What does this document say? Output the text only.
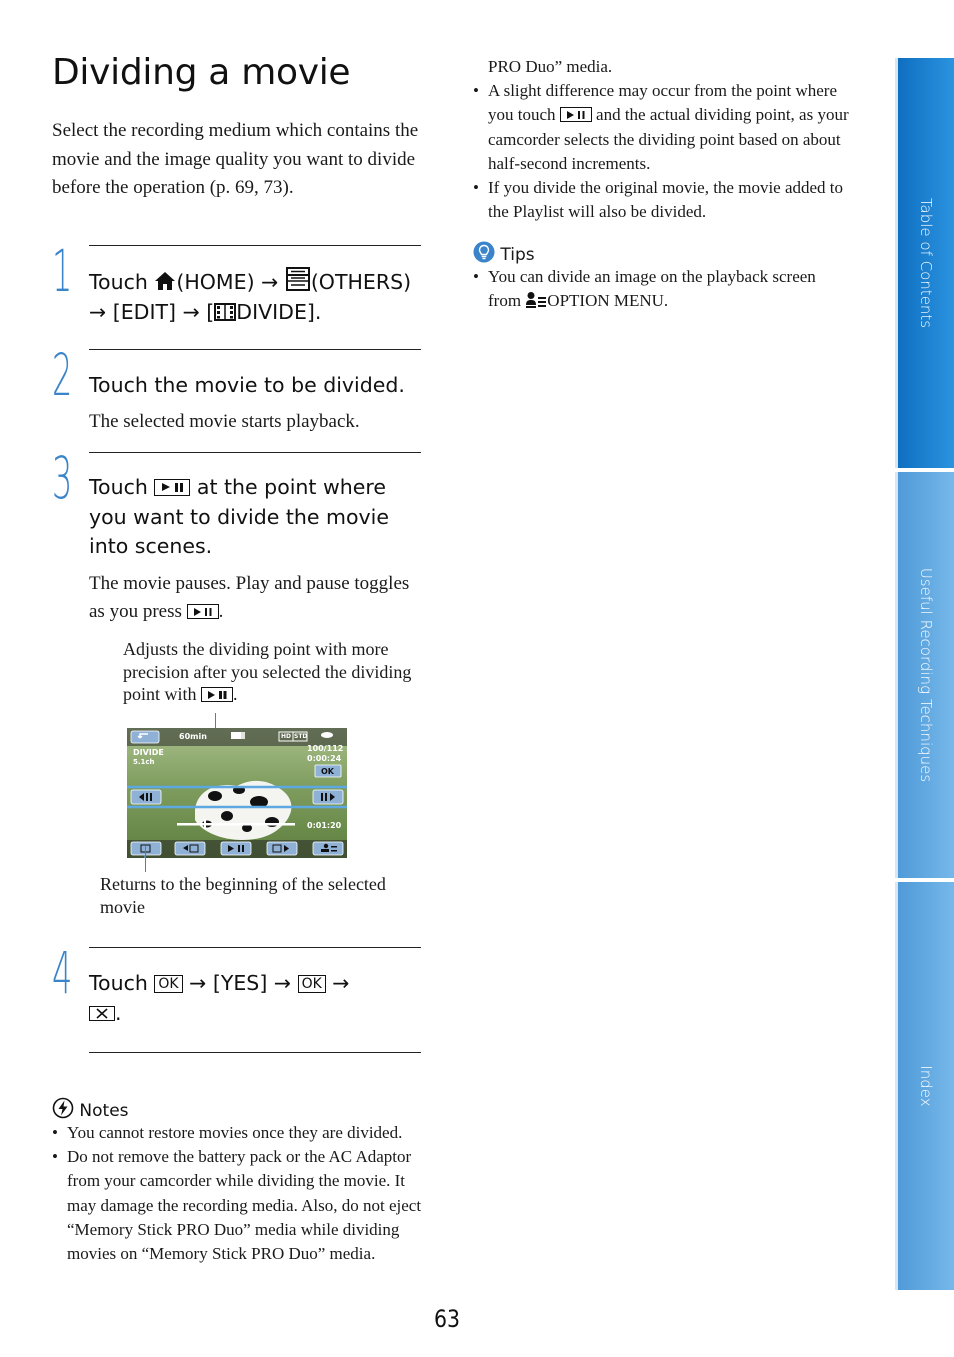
Dividing a movie
Select the recording medium which contains the movie and the image quality you want to divide before the operation (p. 69, 73).
1 Touch (HOME) → (OTHERS)
→ [EDIT] → [ DIVIDE].
2 Touch the movie to be divided.
The selected movie starts playback.
3 Touch at the point where you want to divide the movie into scenes.
The movie pauses. Play and pause toggles as you press .
Adjusts the dividing point with more precision after you selected the dividing point with .
60min
DIVIDE
5.1ch
100/112
0:00:24
OK
0:01:20
HD STD
Returns to the beginning of the selected movie
4 Touch OK → [YES] → OK →

.
Notes
• You cannot restore movies once they are divided.
• Do not remove the battery pack or the AC Adaptor from your camcorder while dividing the movie. It may damage the recording media. Also, do not eject “Memory Stick PRO Duo” media while dividing movies on “Memory Stick PRO Duo” media.
PRO Duo” media.
• A slight difference may occur from the point where you touch and the actual dividing point, as your camcorder selects the dividing point based on about half-second increments.
• If you divide the original movie, the movie added to the Playlist will also be divided.
Tips
• You can divide an image on the playback screen from OPTION MENU.	Table of Contents
Useful Recording Techniques
Index
63
